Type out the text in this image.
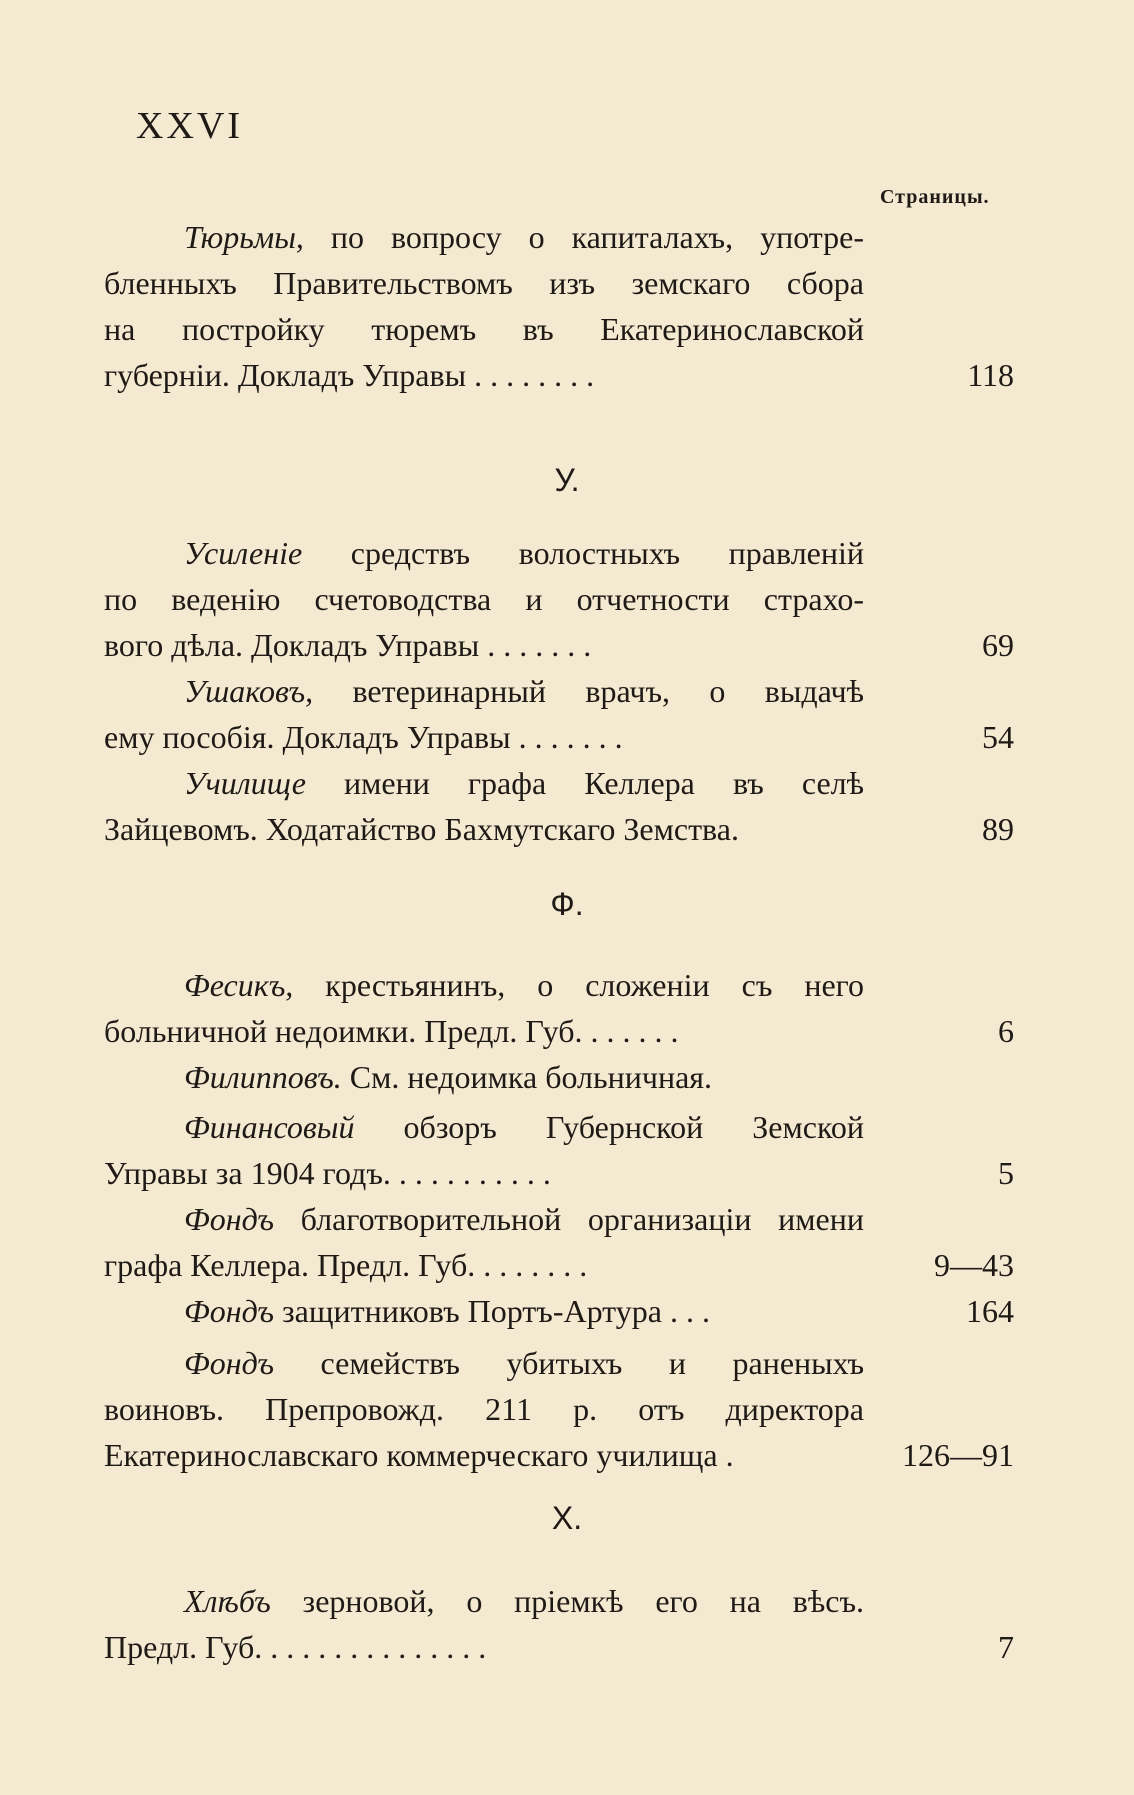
XXVI
Страницы.
Тюрьмы, по вопросу о капиталахъ, употре-
бленныхъ Правительствомъ изъ земскаго сбора
на постройку тюремъ въ Екатеринославской
губерніи. Докладъ Управы . . . . . . . .	118
У.
Усиленіе средствъ волостныхъ правленій
по веденію счетоводства и отчетности страхо-
вого дѣла. Докладъ Управы . . . . . . .	69
Ушаковъ, ветеринарный врачъ, о выдачѣ
ему пособія. Докладъ Управы . . . . . . .	54
Училище имени графа Келлера въ селѣ
Зайцевомъ. Ходатайство Бахмутскаго Земства.	89
Ф.
Фесикъ, крестьянинъ, о сложеніи съ него
больничной недоимки. Предл. Губ. . . . . . .	6
Филипповъ. См. недоимка больничная.
Финансовый обзоръ Губернской Земской
Управы за 1904 годъ. . . . . . . . . . .	5
Фондъ благотворительной организаціи имени
графа Келлера. Предл. Губ. . . . . . . .	9—43
Фондъ защитниковъ Портъ-Артура . . .	164
Фондъ семействъ убитыхъ и раненыхъ
воиновъ. Препровожд. 211 р. отъ директора
Екатеринославскаго коммерческаго училища .	126—91
Х.
Хлѣбъ зерновой, о пріемкѣ его на вѣсъ.
Предл. Губ. . . . . . . . . . . . . . .	7
